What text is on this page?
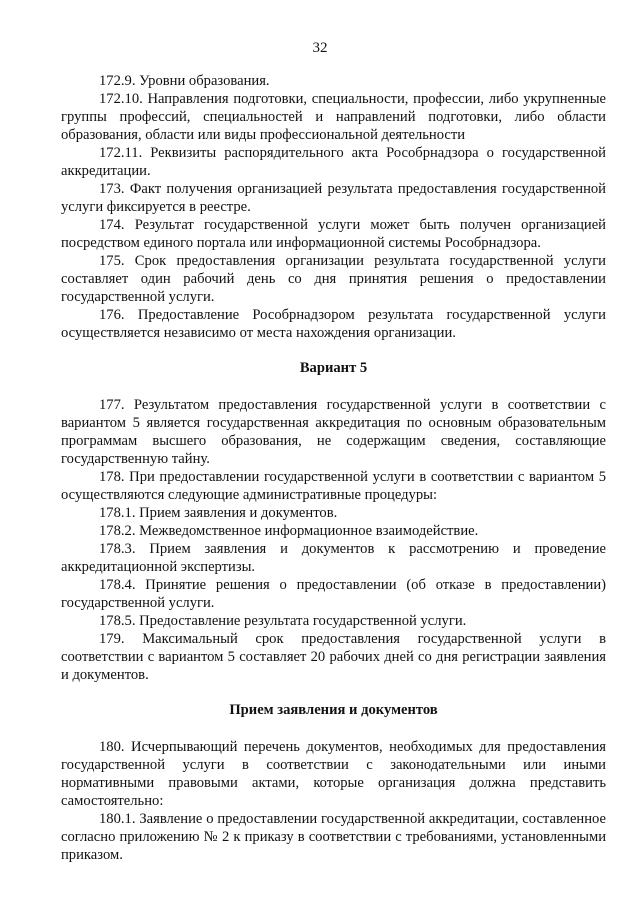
32

172.9. Уровни образования.

172.10. Направления подготовки, специальности, профессии, либо укрупненные группы профессий, специальностей и направлений подготовки, либо области образования, области или виды профессиональной деятельности

172.11. Реквизиты распорядительного акта Рособрнадзора о государственной аккредитации.

173. Факт получения организацией результата предоставления государственной услуги фиксируется в реестре.

174. Результат государственной услуги может быть получен организацией посредством единого портала или информационной системы Рособрнадзора.

175. Срок предоставления организации результата государственной услуги составляет один рабочий день со дня принятия решения о предоставлении государственной услуги.

176. Предоставление Рособрнадзором результата государственной услуги осуществляется независимо от места нахождения организации.

Вариант 5

177. Результатом предоставления государственной услуги в соответствии с вариантом 5 является государственная аккредитация по основным образовательным программам высшего образования, не содержащим сведения, составляющие государственную тайну.

178. При предоставлении государственной услуги в соответствии с вариантом 5 осуществляются следующие административные процедуры:

178.1. Прием заявления и документов.

178.2. Межведомственное информационное взаимодействие.

178.3. Прием заявления и документов к рассмотрению и проведение аккредитационной экспертизы.

178.4. Принятие решения о предоставлении (об отказе в предоставлении) государственной услуги.

178.5. Предоставление результата государственной услуги.

179. Максимальный срок предоставления государственной услуги в соответствии с вариантом 5 составляет 20 рабочих дней со дня регистрации заявления и документов.

Прием заявления и документов

180. Исчерпывающий перечень документов, необходимых для предоставления государственной услуги в соответствии с законодательными или иными нормативными правовыми актами, которые организация должна представить самостоятельно:

180.1. Заявление о предоставлении государственной аккредитации, составленное согласно приложению № 2 к приказу в соответствии с требованиями, установленными приказом.
